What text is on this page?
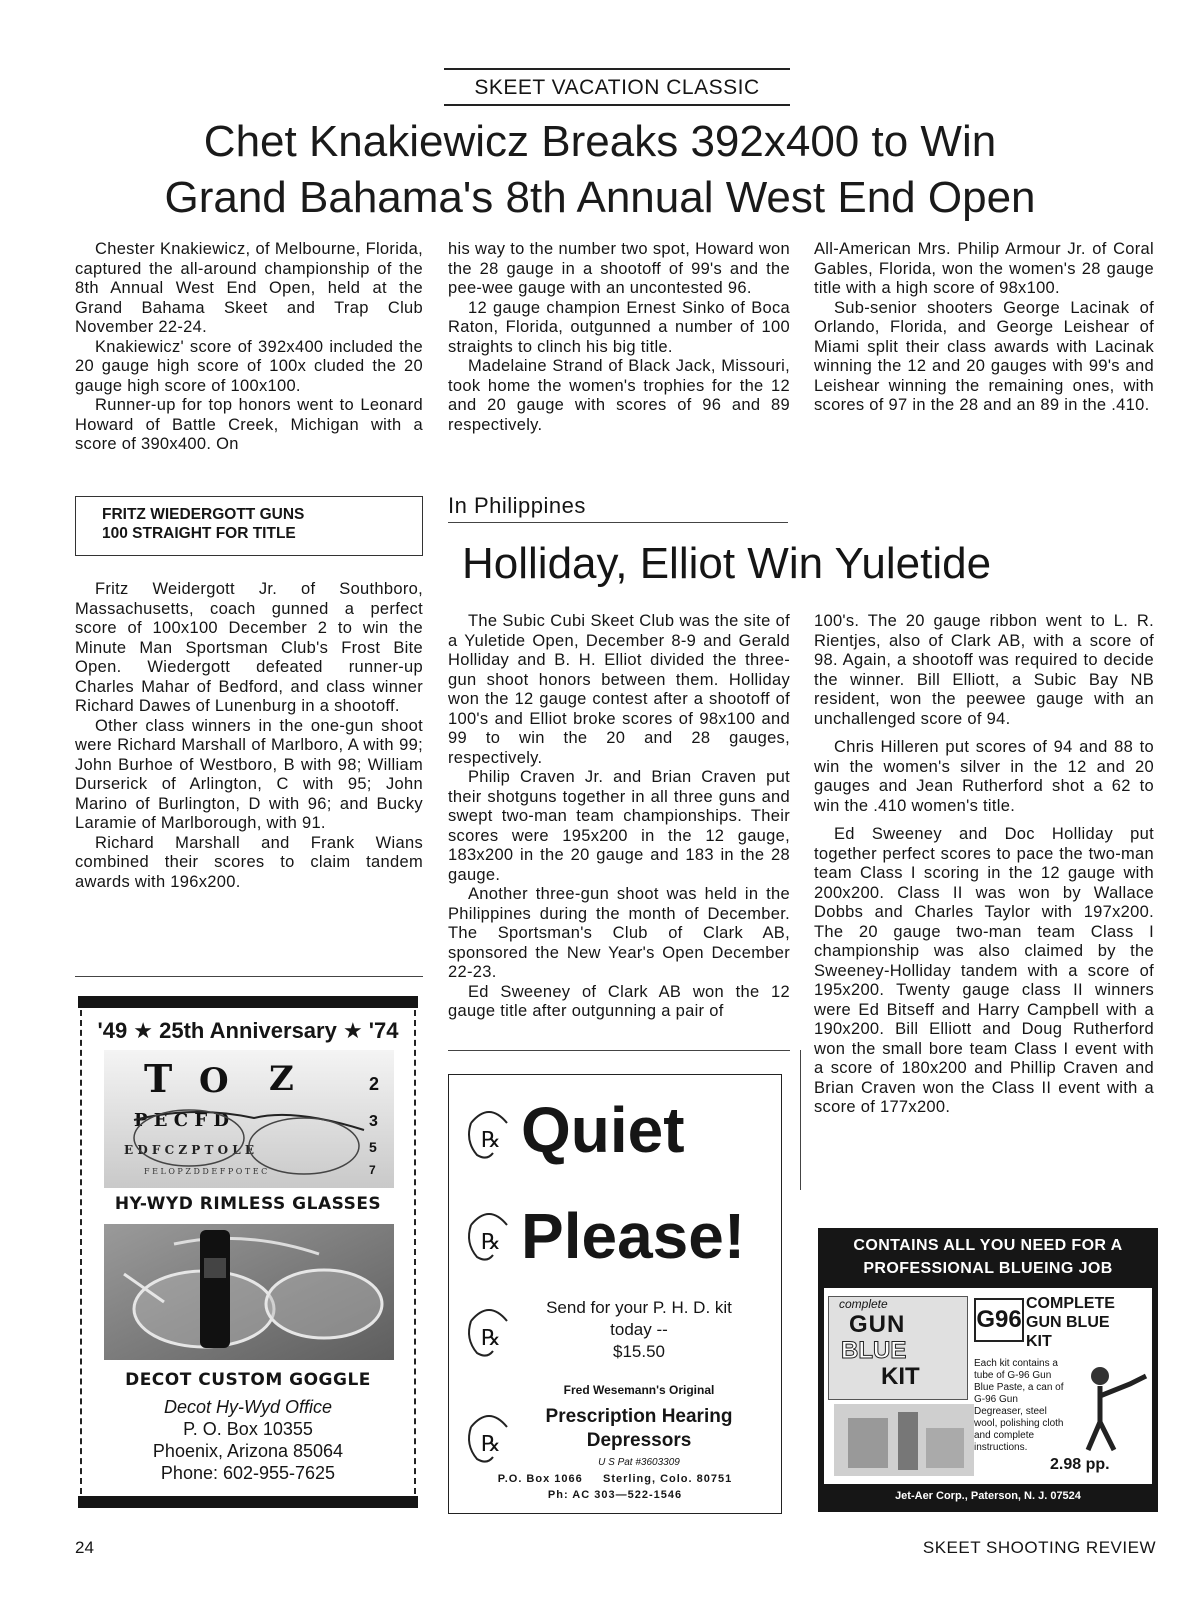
SKEET VACATION CLASSIC
Chet Knakiewicz Breaks 392x400 to Win
Grand Bahama's 8th Annual West End Open

Chester Knakiewicz, of Melbourne, Florida, captured the all-around championship of the 8th Annual West End Open, held at the Grand Bahama Skeet and Trap Club November 22-24.

Knakiewicz' score of 392x400 included the 20 gauge high score of 100x cluded the 20 gauge high score of 100x100.

Runner-up for top honors went to Leonard Howard of Battle Creek, Michigan with a score of 390x400. On

his way to the number two spot, Howard won the 28 gauge in a shootoff of 99's and the pee-wee gauge with an uncontested 96.

12 gauge champion Ernest Sinko of Boca Raton, Florida, outgunned a number of 100 straights to clinch his big title.

Madelaine Strand of Black Jack, Missouri, took home the women's trophies for the 12 and 20 gauge with scores of 96 and 89 respectively.

All-American Mrs. Philip Armour Jr. of Coral Gables, Florida, won the women's 28 gauge title with a high score of 98x100.

Sub-senior shooters George Lacinak of Orlando, Florida, and George Leishear of Miami split their class awards with Lacinak winning the 12 and 20 gauges with 99's and Leishear winning the remaining ones, with scores of 97 in the 28 and an 89 in the .410.

FRITZ WIEDERGOTT GUNS
100 STRAIGHT FOR TITLE

Fritz Weidergott Jr. of Southboro, Massachusetts, coach gunned a perfect score of 100x100 December 2 to win the Minute Man Sportsman Club's Frost Bite Open. Wiedergott defeated runner-up Charles Mahar of Bedford, and class winner Richard Dawes of Lunenburg in a shootoff.

Other class winners in the one-gun shoot were Richard Marshall of Marlboro, A with 99; John Burhoe of Westboro, B with 98; William Durserick of Arlington, C with 95; John Marino of Burlington, D with 96; and Bucky Laramie of Marlborough, with 91.

Richard Marshall and Frank Wians combined their scores to claim tandem awards with 196x200.

In Philippines
Holliday, Elliot Win Yuletide

The Subic Cubi Skeet Club was the site of a Yuletide Open, December 8-9 and Gerald Holliday and B. H. Elliot divided the three-gun shoot honors between them. Holliday won the 12 gauge contest after a shootoff of 100's and Elliot broke scores of 98x100 and 99 to win the 20 and 28 gauges, respectively.

Philip Craven Jr. and Brian Craven put their shotguns together in all three guns and swept two-man team championships. Their scores were 195x200 in the 12 gauge, 183x200 in the 20 gauge and 183 in the 28 gauge.

Another three-gun shoot was held in the Philippines during the month of December. The Sportsman's Club of Clark AB, sponsored the New Year's Open December 22-23.

Ed Sweeney of Clark AB won the 12 gauge title after outgunning a pair of

100's. The 20 gauge ribbon went to L. R. Rientjes, also of Clark AB, with a score of 98. Again, a shootoff was required to decide the winner. Bill Elliott, a Subic Bay NB resident, won the peewee gauge with an unchallenged score of 94.

Chris Hilleren put scores of 94 and 88 to win the women's silver in the 12 and 20 gauges and Jean Rutherford shot a 62 to win the .410 women's title.

Ed Sweeney and Doc Holliday put together perfect scores to pace the two-man team Class I scoring in the 12 gauge with 200x200. Class II was won by Wallace Dobbs and Charles Taylor with 197x200. The 20 gauge two-man team Class I championship was also claimed by the Sweeney-Holliday tandem with a score of 195x200. Twenty gauge class II winners were Ed Bitseff and Harry Campbell with a 190x200. Bill Elliott and Doug Rutherford won the small bore team Class I event with a score of 180x200 and Phillip Craven and Brian Craven won the Class II event with a score of 177x200.

'49 ★ 25th Anniversary ★ '74
T O Z
P E C F D
E D F C Z P T O L E
F E L O P Z D D E F P O T E C
2
3
5
7
HY-WYD RIMLESS GLASSES
DECOT CUSTOM GOGGLE
Decot Hy-Wyd Office
P. O. Box 10355
Phoenix, Arizona 85064
Phone: 602-955-7625
℞ Quiet
℞ Please!
℞
Send for your P. H. D. kit
today --
$15.50
℞
Fred Wesemann's Original
Prescription Hearing
Depressors
U S Pat #3603309
P.O. Box 1066     Sterling, Colo. 80751
Ph: AC 303—522-1546
CONTAINS ALL YOU NEED FOR A
PROFESSIONAL BLUEING JOB
complete
GUN
BLUE
KIT
G96
COMPLETE
GUN BLUE
KIT
Each kit contains a tube of G-96 Gun Blue Paste, a can of G-96 Gun Degreaser, steel wool, polishing cloth and complete instructions.
2.98 pp.
Jet-Aer Corp., Paterson, N. J. 07524
24	SKEET SHOOTING REVIEW
